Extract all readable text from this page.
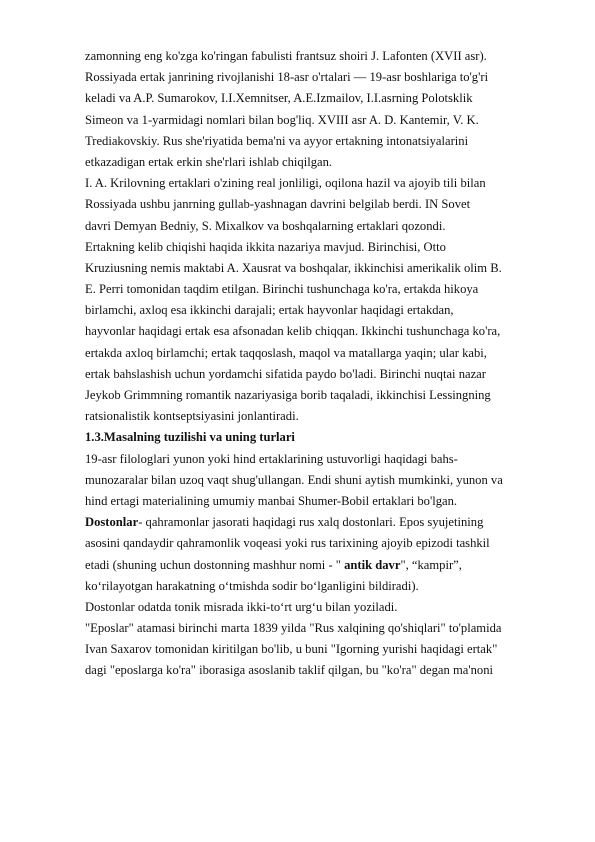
zamonning eng ko'zga ko'ringan fabulisti frantsuz shoiri J. Lafonten (XVII asr).
Rossiyada ertak janrining rivojlanishi 18-asr o'rtalari — 19-asr boshlariga to'g'ri
keladi va A.P. Sumarokov, I.I.Xemnitser, A.E.Izmailov, I.I.asrning Polotsklik
Simeon va 1-yarmidagi nomlari bilan bog'liq. XVIII asr A. D. Kantemir, V. K.
Trediakovskiy. Rus she'riyatida bema'ni va ayyor ertakning intonatsiyalarini
etkazadigan ertak erkin she'rlari ishlab chiqilgan.
I. A. Krilovning ertaklari o'zining real jonliligi, oqilona hazil va ajoyib tili bilan
Rossiyada ushbu janrning gullab-yashnagan davrini belgilab berdi. IN Sovet
davri Demyan Bedniy, S. Mixalkov va boshqalarning ertaklari qozondi.
Ertakning kelib chiqishi haqida ikkita nazariya mavjud. Birinchisi, Otto
Kruziusning nemis maktabi A. Xausrat va boshqalar, ikkinchisi amerikalik olim B.
E. Perri tomonidan taqdim etilgan. Birinchi tushunchaga ko'ra, ertakda hikoya
birlamchi, axloq esa ikkinchi darajali; ertak hayvonlar haqidagi ertakdan,
hayvonlar haqidagi ertak esa afsonadan kelib chiqqan. Ikkinchi tushunchaga ko'ra,
ertakda axloq birlamchi; ertak taqqoslash, maqol va matallarga yaqin; ular kabi,
ertak bahslashish uchun yordamchi sifatida paydo bo'ladi. Birinchi nuqtai nazar
Jeykob Grimmning romantik nazariyasiga borib taqaladi, ikkinchisi Lessingning
ratsionalistik kontseptsiyasini jonlantiradi.
1.3.Masalning tuzilishi va uning turlari
19-asr filologlari yunon yoki hind ertaklarining ustuvorligi haqidagi bahs-
munozaralar bilan uzoq vaqt shug'ullangan. Endi shuni aytish mumkinki, yunon va
hind ertagi materialining umumiy manbai Shumer-Bobil ertaklari bo'lgan.
Dostonlar- qahramonlar jasorati haqidagi rus xalq dostonlari. Epos syujetining
asosini qandaydir qahramonlik voqeasi yoki rus tarixining ajoyib epizodi tashkil
etadi (shuning uchun dostonning mashhur nomi - " antik davr", “kampir”,
ko‘rilayotgan harakatning o‘tmishda sodir bo‘lganligini bildiradi).
Dostonlar odatda tonik misrada ikki-to‘rt urg‘u bilan yoziladi.
"Eposlar" atamasi birinchi marta 1839 yilda "Rus xalqining qo'shiqlari" to'plamida
Ivan Saxarov tomonidan kiritilgan bo'lib, u buni "Igorning yurishi haqidagi ertak"
dagi "eposlarga ko'ra" iborasiga asoslanib taklif qilgan, bu "ko'ra" degan ma'noni
